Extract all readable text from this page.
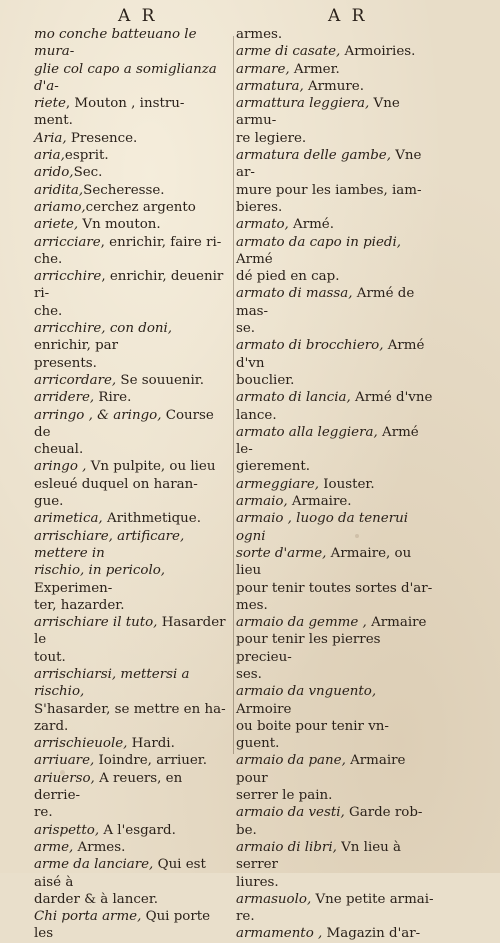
A R	A R
mo conche batteuano le mura-
glie col capo a somiglianza d'a-
riete, Mouton , instru-
ment.
Aria, Presence.
aria,esprit.
arido,Sec.
aridita,Secheresse.
ariamo,cerchez argento
ariete, Vn mouton.
arricciare, enrichir, faire ri-
che.
arricchire, enrichir, deuenir ri-
che.
arricchire, con doni, enrichir, par
presents.
arricordare, Se souuenir.
arridere, Rire.
arringo , & aringo, Course de
cheual.
aringo , Vn pulpite, ou lieu
esleué duquel on haran-
gue.
arimetica, Arithmetique.
arrischiare, artificare, mettere in
rischio, in pericolo, Experimen-
ter, hazarder.
arrischiare il tuto, Hasarder le
tout.
arrischiarsi, mettersi a rischio,
S'hasarder, se mettre en ha-
zard.
arrischieuole, Hardi.
arriuare, Ioindre, arriuer.
ariuerso, A reuers, en derrie-
re.
arispetto, A l'esgard.
arme, Armes.
arme da lanciare, Qui est aisé à
darder & à lancer.
Chi porta arme, Qui porte les
armes.
arme di casate, Armoiries.
armare, Armer.
armatura, Armure.
armattura leggiera, Vne armu-
re legiere.
armatura delle gambe, Vne ar-
mure pour les iambes, iam-
bieres.
armato, Armé.
armato da capo in piedi, Armé
dé pied en cap.
armato di massa, Armé de mas-
se.
armato di brocchiero, Armé d'vn
bouclier.
armato di lancia, Armé d'vne
lance.
armato alla leggiera, Armé le-
gierement.
armeggiare, Iouster.
armaio, Armaire.
armaio , luogo da tenerui ogni
sorte d'arme, Armaire, ou lieu
pour tenir toutes sortes d'ar-
mes.
armaio da gemme , Armaire
pour tenir les pierres precieu-
ses.
armaio da vnguento, Armoire
ou boite pour tenir vn-
guent.
armaio da pane, Armaire pour
serrer le pain.
armaio da vesti, Garde rob-
be.
armaio di libri, Vn lieu à serrer
liures.
armasuolo, Vne petite armai-
re.
armamento , Magazin d'ar-
